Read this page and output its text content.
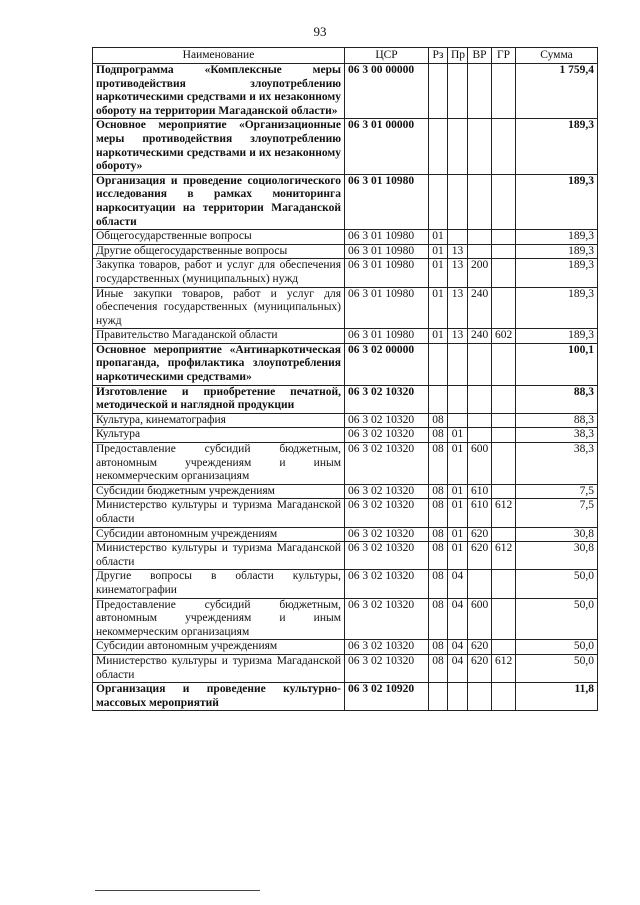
93
Наименование	ЦСР	Рз	Пр	ВР	ГР	Сумма
Подпрограмма «Комплексные меры противодействия злоупотреблению наркотическими средствами и их незаконному обороту на территории Магаданской области»	06 3 00 00000					1 759,4
Основное мероприятие «Организационные меры противодействия злоупотреблению наркотическими средствами и их незаконному обороту»	06 3 01 00000					189,3
Организация и проведение социологического исследования в рамках мониторинга наркоситуации на территории Магаданской области	06 3 01 10980					189,3
Общегосударственные вопросы	06 3 01 10980	01				189,3
Другие общегосударственные вопросы	06 3 01 10980	01	13			189,3
Закупка товаров, работ и услуг для обеспечения государственных (муниципальных) нужд	06 3 01 10980	01	13	200		189,3
Иные закупки товаров, работ и услуг для обеспечения государственных (муниципальных) нужд	06 3 01 10980	01	13	240		189,3
Правительство Магаданской области	06 3 01 10980	01	13	240	602	189,3
Основное мероприятие «Антинаркотическая пропаганда, профилактика злоупотребления наркотическими средствами»	06 3 02 00000					100,1
Изготовление и приобретение печатной, методической и наглядной продукции	06 3 02 10320					88,3
Культура, кинематография	06 3 02 10320	08				88,3
Культура	06 3 02 10320	08	01			38,3
Предоставление субсидий бюджетным, автономным учреждениям и иным некоммерческим организациям	06 3 02 10320	08	01	600		38,3
Субсидии бюджетным учреждениям	06 3 02 10320	08	01	610		7,5
Министерство культуры и туризма Магаданской области	06 3 02 10320	08	01	610	612	7,5
Субсидии автономным учреждениям	06 3 02 10320	08	01	620		30,8
Министерство культуры и туризма Магаданской области	06 3 02 10320	08	01	620	612	30,8
Другие вопросы в области культуры, кинематографии	06 3 02 10320	08	04			50,0
Предоставление субсидий бюджетным, автономным учреждениям и иным некоммерческим организациям	06 3 02 10320	08	04	600		50,0
Субсидии автономным учреждениям	06 3 02 10320	08	04	620		50,0
Министерство культуры и туризма Магаданской области	06 3 02 10320	08	04	620	612	50,0
Организация и проведение культурно-массовых мероприятий	06 3 02 10920					11,8
